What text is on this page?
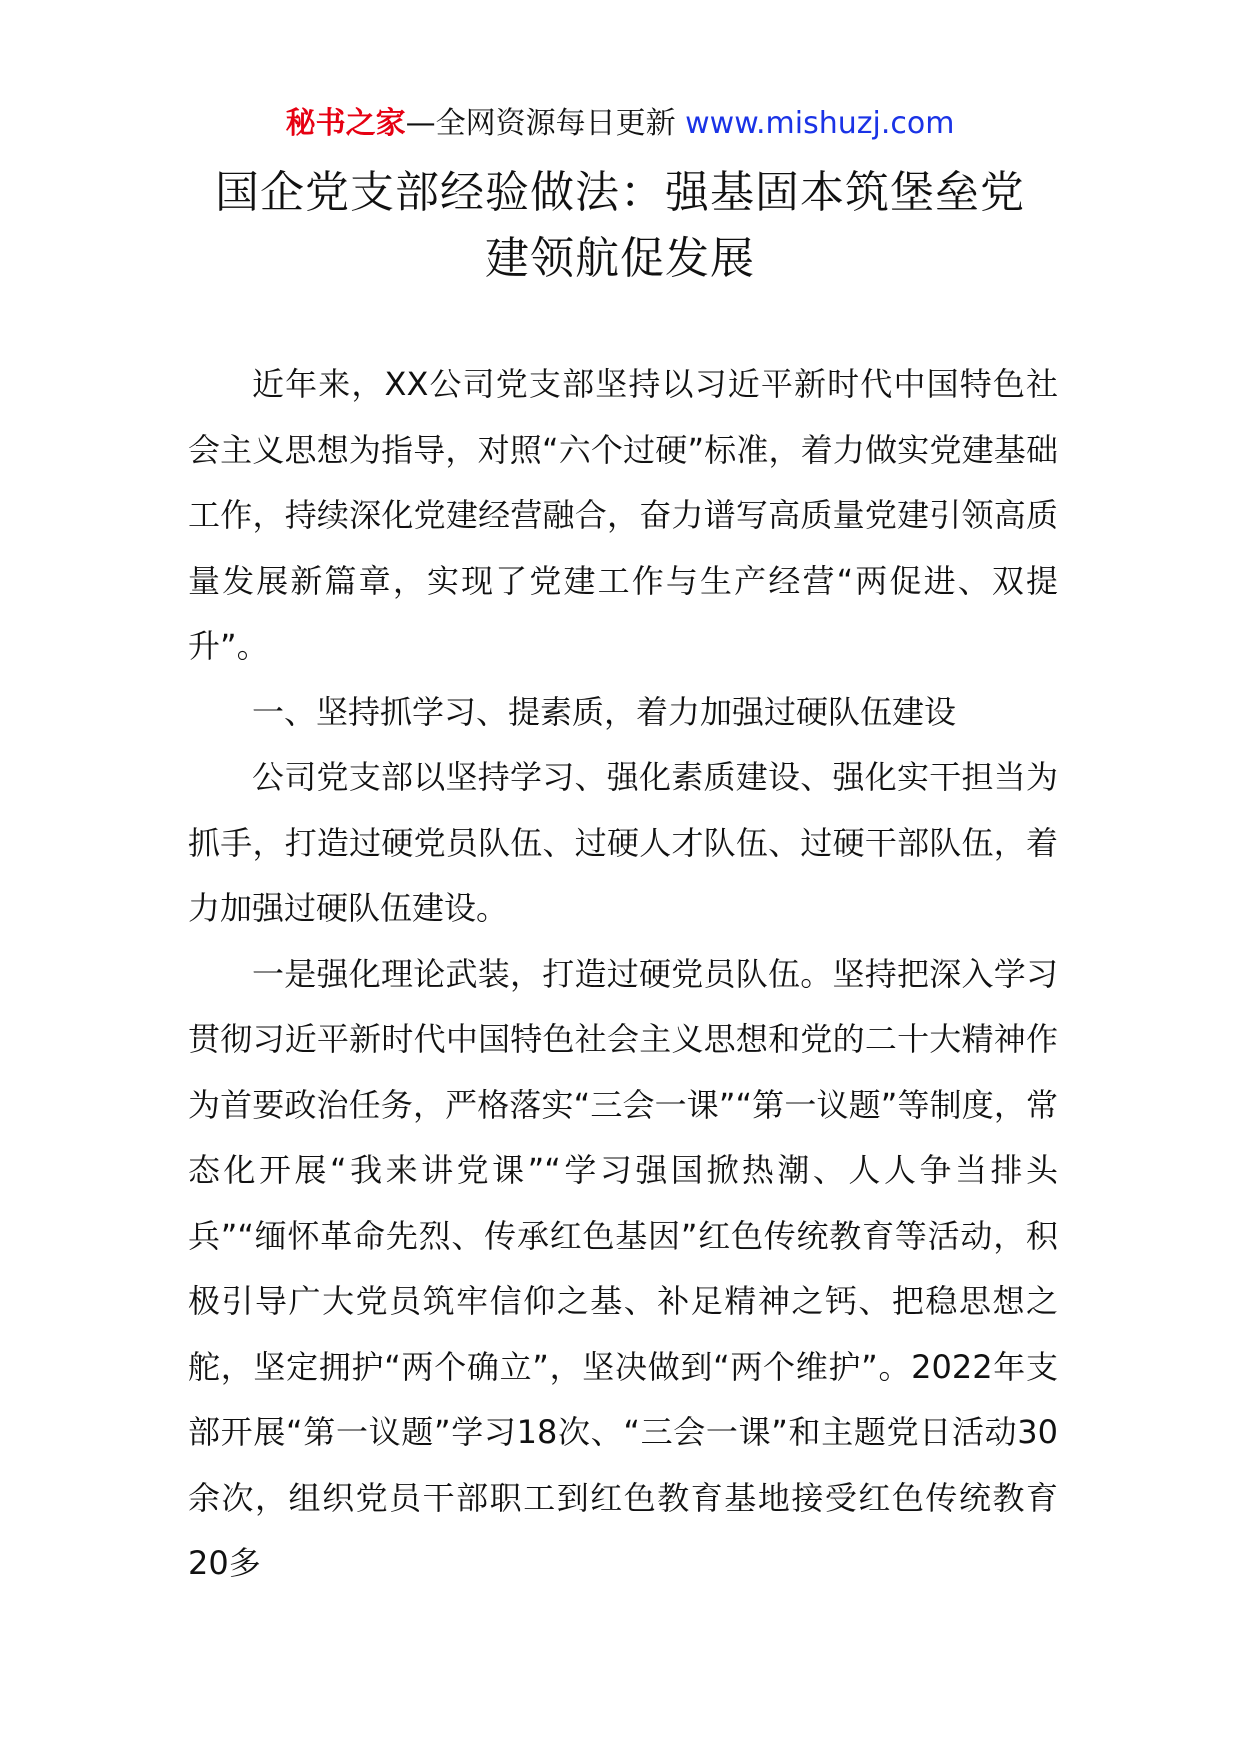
秘书之家—全网资源每日更新 www.mishuzj.com
国企党支部经验做法：强基固本筑堡垒党
建领航促发展

近年来，XX公司党支部坚持以习近平新时代中国特色社会主义思想为指导，对照“六个过硬”标准，着力做实党建基础工作，持续深化党建经营融合，奋力谱写高质量党建引领高质量发展新篇章，实现了党建工作与生产经营“两促进、双提升”。

一、坚持抓学习、提素质，着力加强过硬队伍建设

公司党支部以坚持学习、强化素质建设、强化实干担当为抓手，打造过硬党员队伍、过硬人才队伍、过硬干部队伍，着力加强过硬队伍建设。

一是强化理论武装，打造过硬党员队伍。坚持把深入学习贯彻习近平新时代中国特色社会主义思想和党的二十大精神作为首要政治任务，严格落实“三会一课”“第一议题”等制度，常态化开展“我来讲党课”“学习强国掀热潮、人人争当排头兵”“缅怀革命先烈、传承红色基因”红色传统教育等活动，积极引导广大党员筑牢信仰之基、补足精神之钙、把稳思想之舵，坚定拥护“两个确立”，坚决做到“两个维护”。2022年支部开展“第一议题”学习18次、“三会一课”和主题党日活动30余次，组织党员干部职工到红色教育基地接受红色传统教育20多
